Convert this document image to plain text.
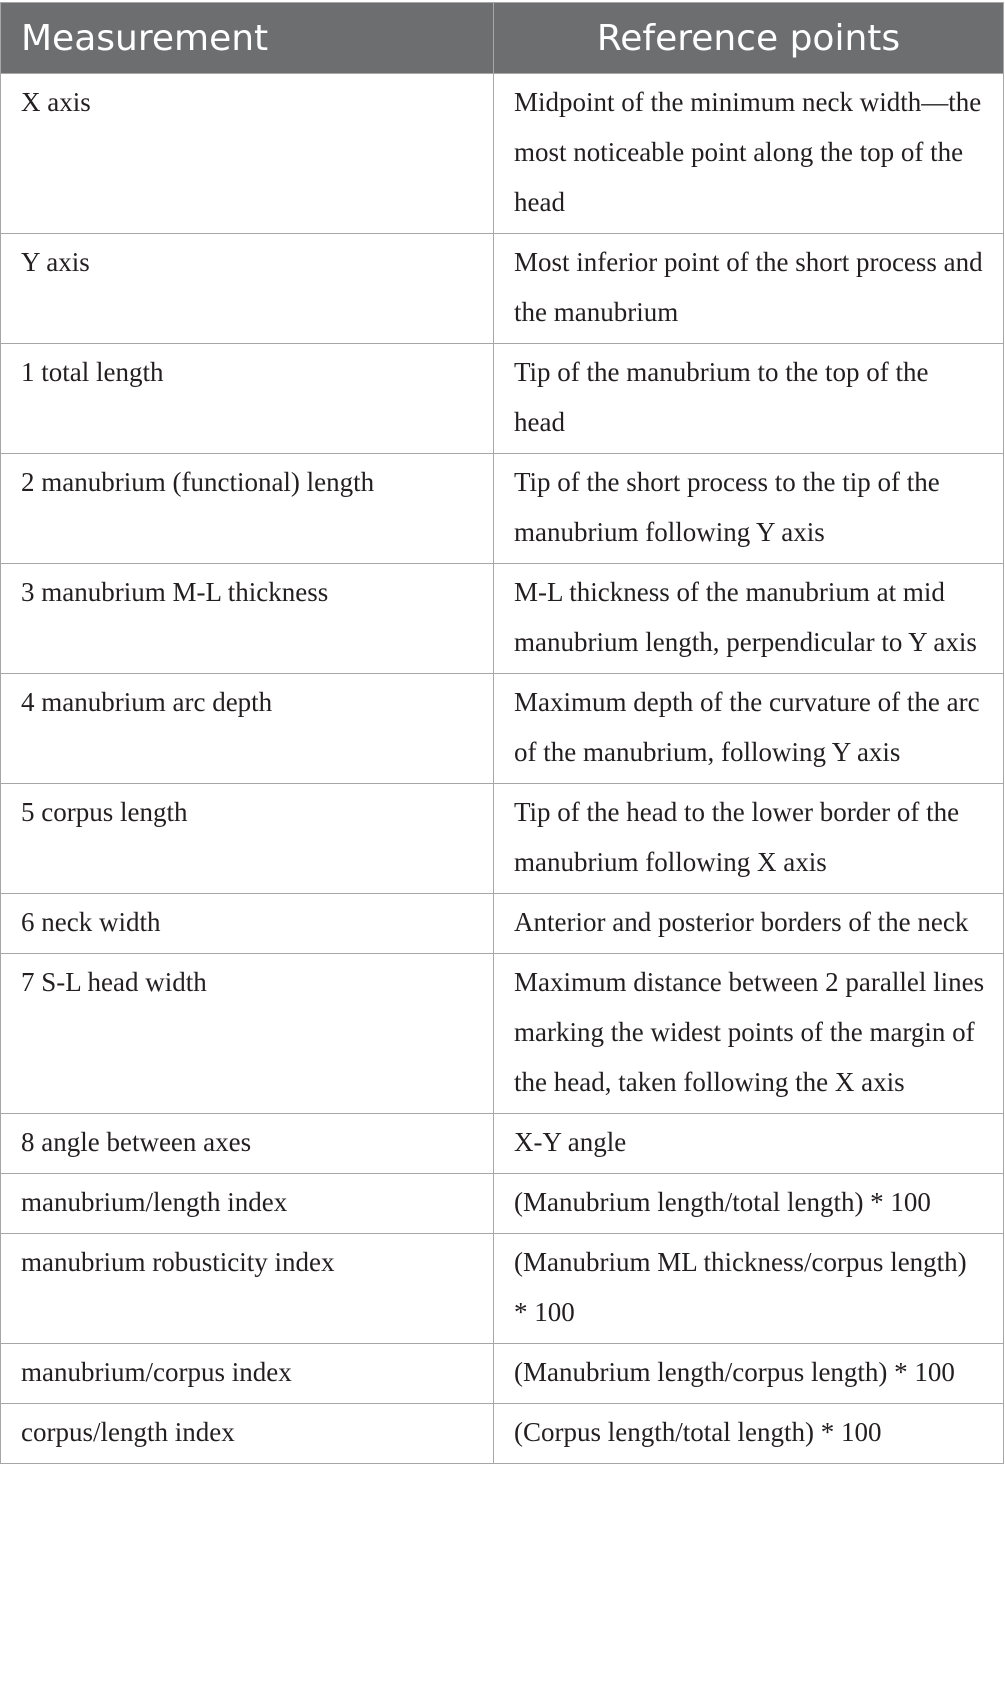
Measurement	Reference points
X axis	Midpoint of the minimum neck width—the most noticeable point along the top of the head
Y axis	Most inferior point of the short process and the manubrium
1 total length	Tip of the manubrium to the top of the head
2 manubrium (functional) length	Tip of the short process to the tip of the manubrium following Y axis
3 manubrium M-L thickness	M-L thickness of the manubrium at mid manubrium length, perpendicular to Y axis
4 manubrium arc depth	Maximum depth of the curvature of the arc of the manubrium, following Y axis
5 corpus length	Tip of the head to the lower border of the manubrium following X axis
6 neck width	Anterior and posterior borders of the neck
7 S-L head width	Maximum distance between 2 parallel lines marking the widest points of the margin of the head, taken following the X axis
8 angle between axes	X-Y angle
manubrium/length index	(Manubrium length/total length) * 100
manubrium robusticity index	(Manubrium ML thickness/corpus length) * 100
manubrium/corpus index	(Manubrium length/corpus length) * 100
corpus/length index	(Corpus length/total length) * 100
